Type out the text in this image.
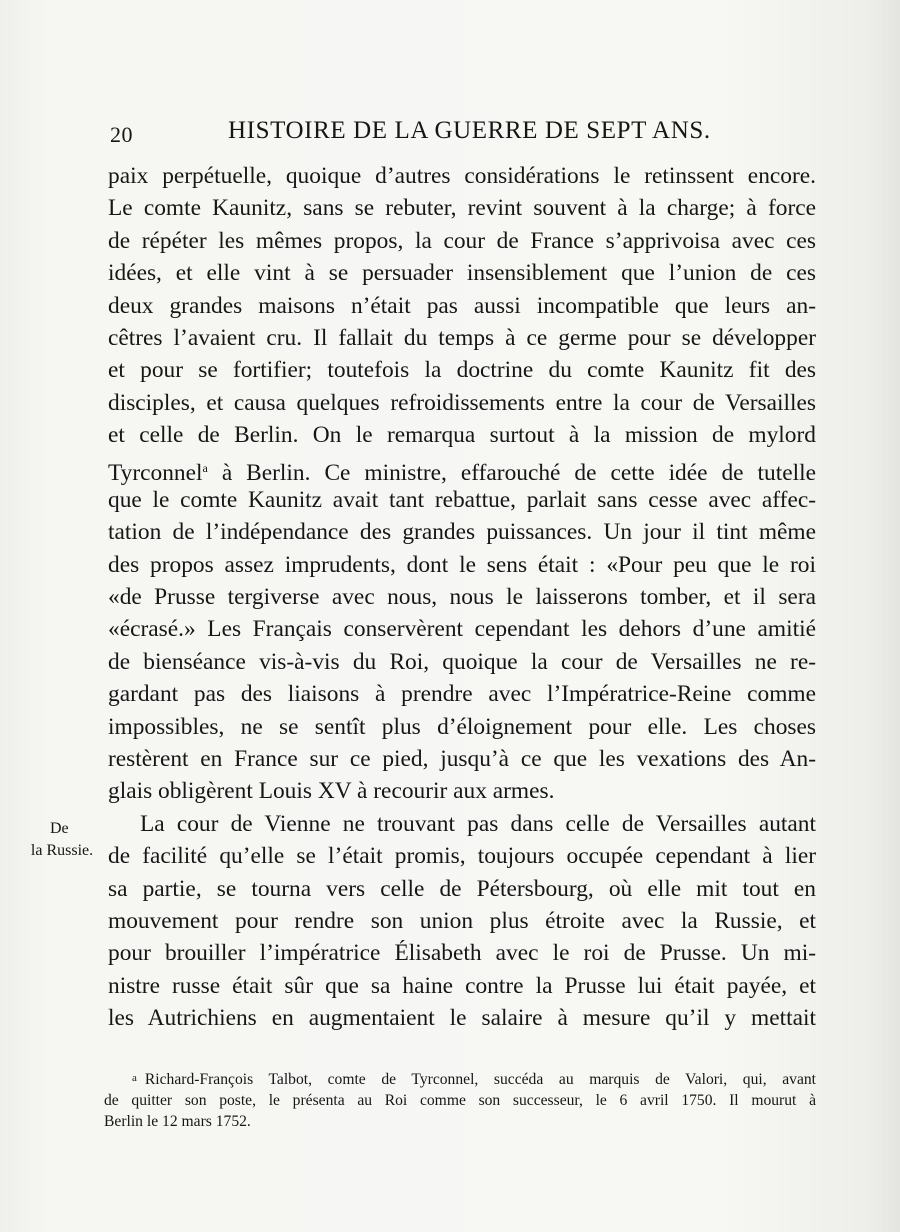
20	HISTOIRE DE LA GUERRE DE SEPT ANS.
paix perpétuelle, quoique d’autres considérations le retinssent encore.
Le comte Kaunitz, sans se rebuter, revint souvent à la charge; à force
de répéter les mêmes propos, la cour de France s’apprivoisa avec ces
idées, et elle vint à se persuader insensiblement que l’union de ces
deux grandes maisons n’était pas aussi incompatible que leurs an-
cêtres l’avaient cru. Il fallait du temps à ce germe pour se développer
et pour se fortifier; toutefois la doctrine du comte Kaunitz fit des
disciples, et causa quelques refroidissements entre la cour de Versailles
et celle de Berlin. On le remarqua surtout à la mission de mylord
Tyrconnel$^a$ à Berlin. Ce ministre, effarouché de cette idée de tutelle
que le comte Kaunitz avait tant rebattue, parlait sans cesse avec affec-
tation de l’indépendance des grandes puissances. Un jour il tint même
des propos assez imprudents, dont le sens était : «Pour peu que le roi
«de Prusse tergiverse avec nous, nous le laisserons tomber, et il sera
«écrasé.» Les Français conservèrent cependant les dehors d’une amitié
de bienséance vis-à-vis du Roi, quoique la cour de Versailles ne re-
gardant pas des liaisons à prendre avec l’Impératrice-Reine comme
impossibles, ne se sentît plus d’éloignement pour elle. Les choses
restèrent en France sur ce pied, jusqu’à ce que les vexations des An-
glais obligèrent Louis XV à recourir aux armes.
La cour de Vienne ne trouvant pas dans celle de Versailles autant
de facilité qu’elle se l’était promis, toujours occupée cependant à lier
sa partie, se tourna vers celle de Pétersbourg, où elle mit tout en
mouvement pour rendre son union plus étroite avec la Russie, et
pour brouiller l’impératrice Élisabeth avec le roi de Prusse. Un mi-
nistre russe était sûr que sa haine contre la Prusse lui était payée, et
les Autrichiens en augmentaient le salaire à mesure qu’il y mettait
De
la Russie.
a Richard-François Talbot, comte de Tyrconnel, succéda au marquis de Valori, qui, avant
de quitter son poste, le présenta au Roi comme son successeur, le 6 avril 1750. Il mourut à
Berlin le 12 mars 1752.
